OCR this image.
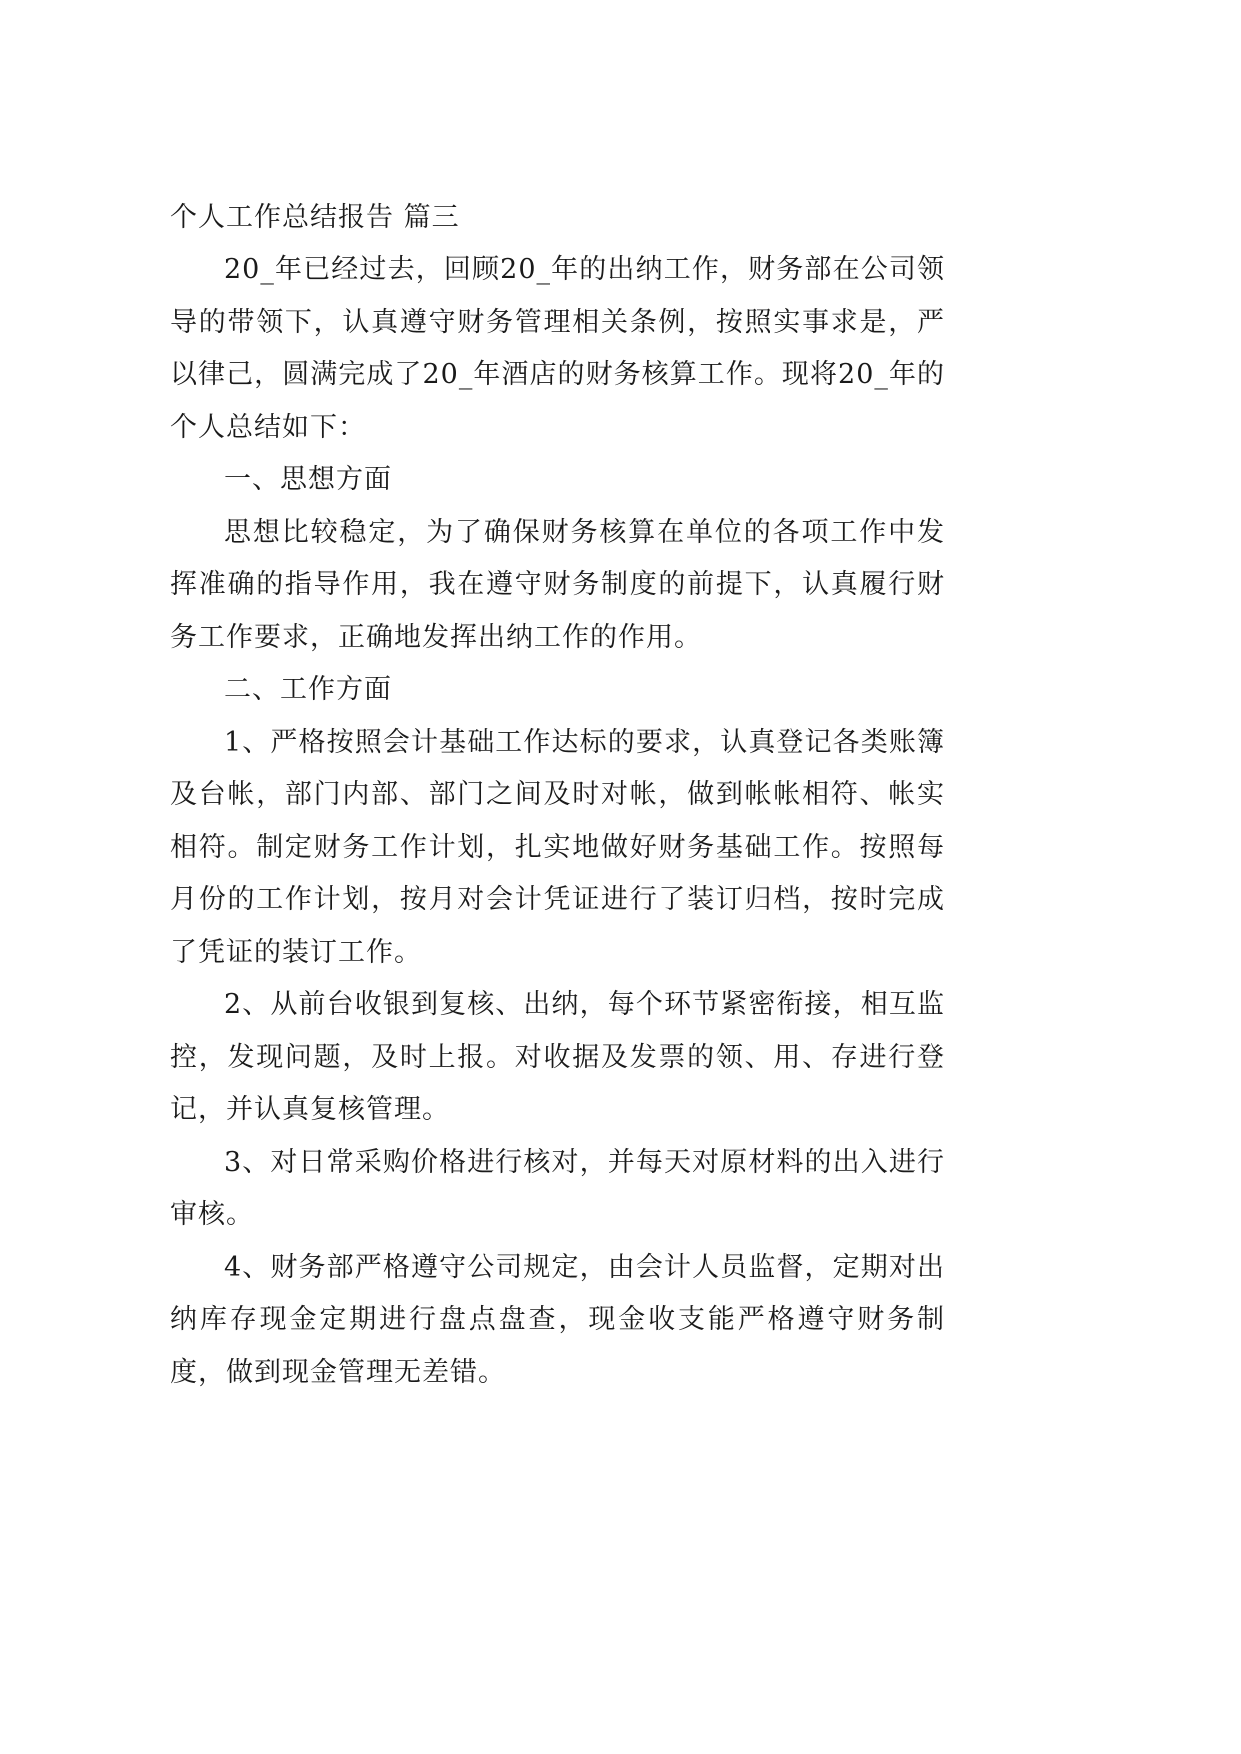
个人工作总结报告 篇三

20_年已经过去，回顾20_年的出纳工作，财务部在公司领导的带领下，认真遵守财务管理相关条例，按照实事求是，严以律己，圆满完成了20_年酒店的财务核算工作。现将20_年的个人总结如下：

一、思想方面

思想比较稳定，为了确保财务核算在单位的各项工作中发挥准确的指导作用，我在遵守财务制度的前提下，认真履行财务工作要求，正确地发挥出纳工作的作用。

二、工作方面

1、严格按照会计基础工作达标的要求，认真登记各类账簿及台帐，部门内部、部门之间及时对帐，做到帐帐相符、帐实相符。制定财务工作计划，扎实地做好财务基础工作。按照每月份的工作计划，按月对会计凭证进行了装订归档，按时完成了凭证的装订工作。

2、从前台收银到复核、出纳，每个环节紧密衔接，相互监控，发现问题，及时上报。对收据及发票的领、用、存进行登记，并认真复核管理。

3、对日常采购价格进行核对，并每天对原材料的出入进行审核。

4、财务部严格遵守公司规定，由会计人员监督，定期对出纳库存现金定期进行盘点盘查，现金收支能严格遵守财务制度，做到现金管理无差错。
